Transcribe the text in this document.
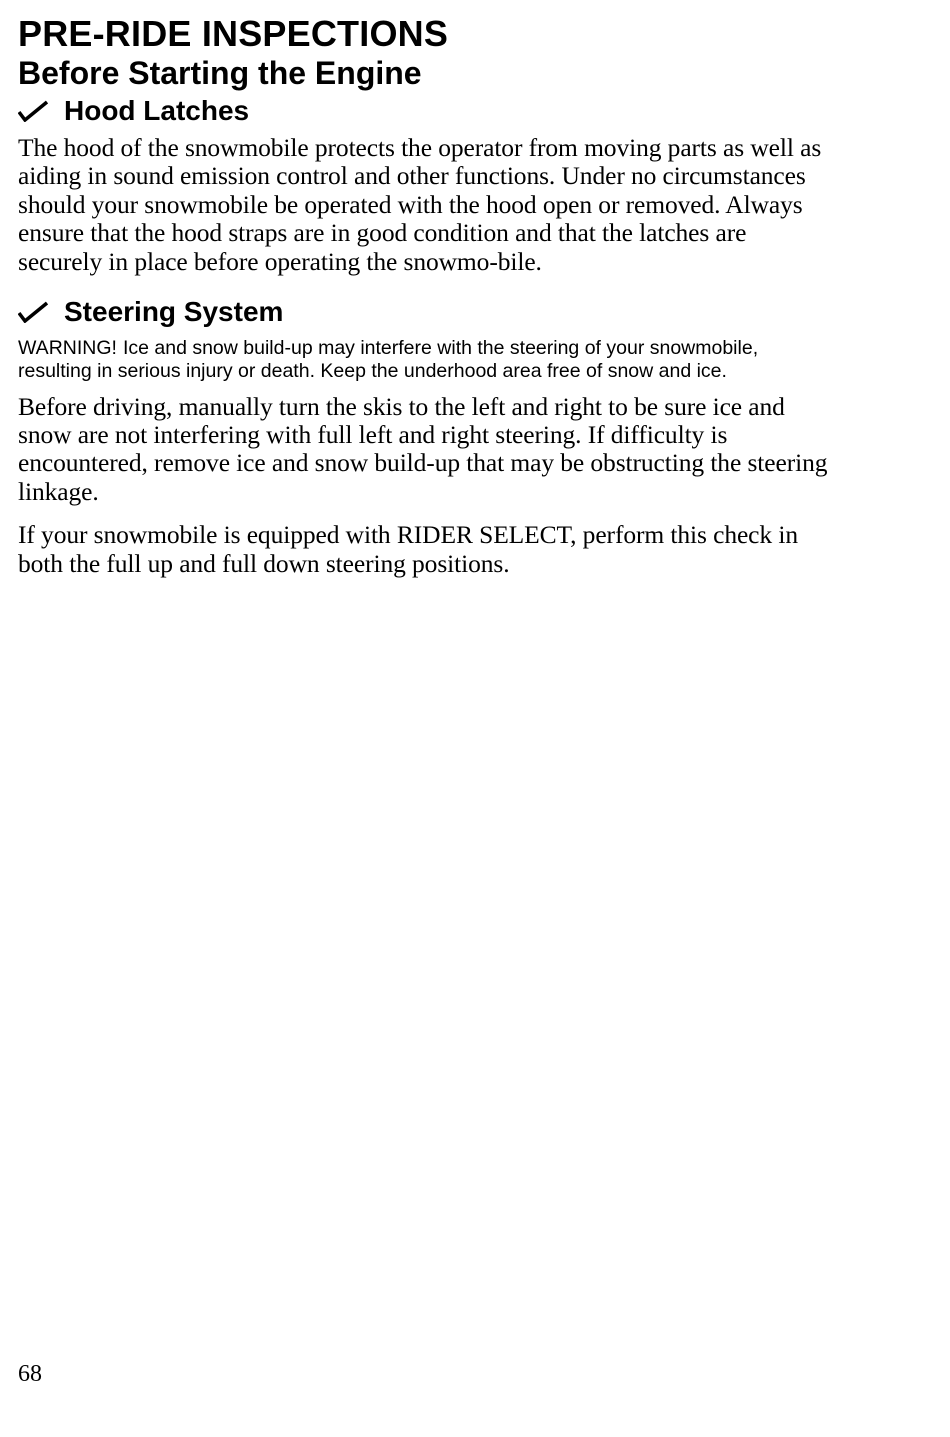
PRE-RIDE INSPECTIONS
Before Starting the Engine
Hood Latches

The hood of the snowmobile protects the operator from moving parts as well as aiding in sound emission control and other functions. Under no circumstances should your snowmobile be operated with the hood open or removed. Always ensure that the hood straps are in good condition and that the latches are securely in place before operating the snowmo-bile.

Steering System

WARNING! Ice and snow build-up may interfere with the steering of your snowmobile, resulting in serious injury or death. Keep the underhood area free of snow and ice.

Before driving, manually turn the skis to the left and right to be sure ice and snow are not interfering with full left and right steering. If difficulty is encountered, remove ice and snow build-up that may be obstructing the steering linkage.

If your snowmobile is equipped with RIDER SELECT, perform this check in both the full up and full down steering positions.

68
